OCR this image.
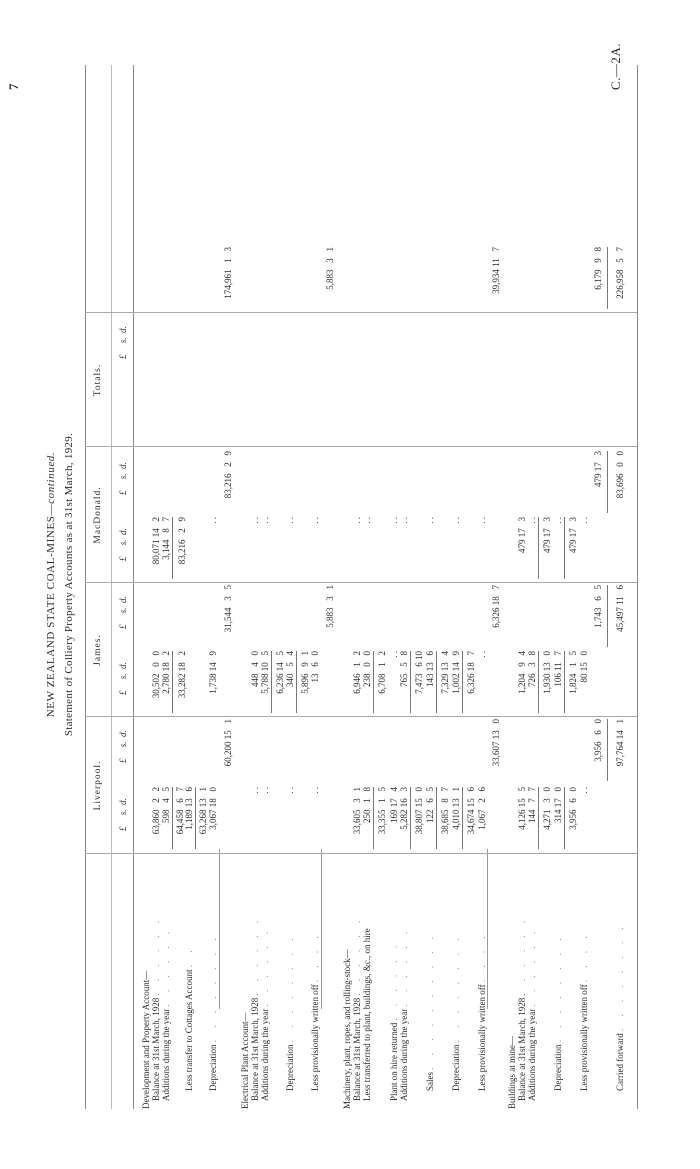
7	C.—2A.
NEW ZEALAND STATE COAL-MINES—continued. Statement of Colliery Property Accounts as at 31st March, 1929.
Liverpool.
James.
MacDonald.
Totals.
£     s.  d.
£     s.  d.
£     s.  d.
£     s.  d.
£     s.  d.
£     s.  d.
£     s.  d.
Development and Property Account— Balance at 31st March, 1928 . . . . . .
63,860   2   2
30,502   0   0
80,071 14   2
Additions during the year . . . . . .
598   4   5
2,780 18   2
3,144   8   7
64,458   6   7
Less transfer to Cottages Account . .
1,189 13   6
33,282 18   2
83,216   2   9
63,268 13   1
Depreciation . . . . . . . .
3,067 18   0
1,738 14   9
. .
60,200 15   1
31,544   3   5
83,216   2   9
174,961   1   3
Electrical Plant Account— Balance at 31st March, 1928 . . . . . .
. .
448   4   0
. .
Additions during the year . . . . . .
. .
5,788 10   5
. .
6,236 14   5
Depreciation . . . . . . . .
. .
340   5   4
. .
5,896   9   1
Less provisionally written off . . . .
. .
13   6   0
. .
5,883   3   1
5,883   3   1
Machinery, plant, ropes, and rolling-stock— Balance at 31st March, 1928 . . . . . .
33,605   3   1
6,946   1   2
. .
Less transferred to plant, buildings, &c., on hire
250   1   8
238   0   0
. .
33,355   1   5
6,708   1   2
Plant on hire returned . . . . . .
169 17   4
. .
. .
Additions during the year . . . . . .
5,282 16   3
765   5   8
. .
38,807 15   0
7,473   6 10
Sales . . . . . . . . . .
122   6   5
143 13   6
. .
38,685   8   7
7,329 13   4
Depreciation . . . . . . . .
4,010 13   1
1,002 14   9
. .
34,674 15   6
6,326 18   7
Less provisionally written off . . . .
1,067   2   6
. .
. .
33,607 13   0
6,326 18   7
39,934 11   7
Buildings at mine— Balance at 31st March, 1928 . . . . . .
4,126 15   5
1,204   9   4
479 17   3
Additions during the year . . . . . .
144   7   7
726   3   8
. .
4,271   3   0
1,930 13   0
479 17   3
Depreciation . . . . . . . .
314 17   0
106 11   7
. .
3,956   6   0
1,824   1   5
479 17   3
Less provisionally written off . . . .
. .
80 15   0
. .
3,956   6   0
1,743   6   5
479 17   3
6,179   9   8
Carried forward . . . . . . . .
97,764 14   1
45,497 11   6
83,696   0   0
226,958   5   7
